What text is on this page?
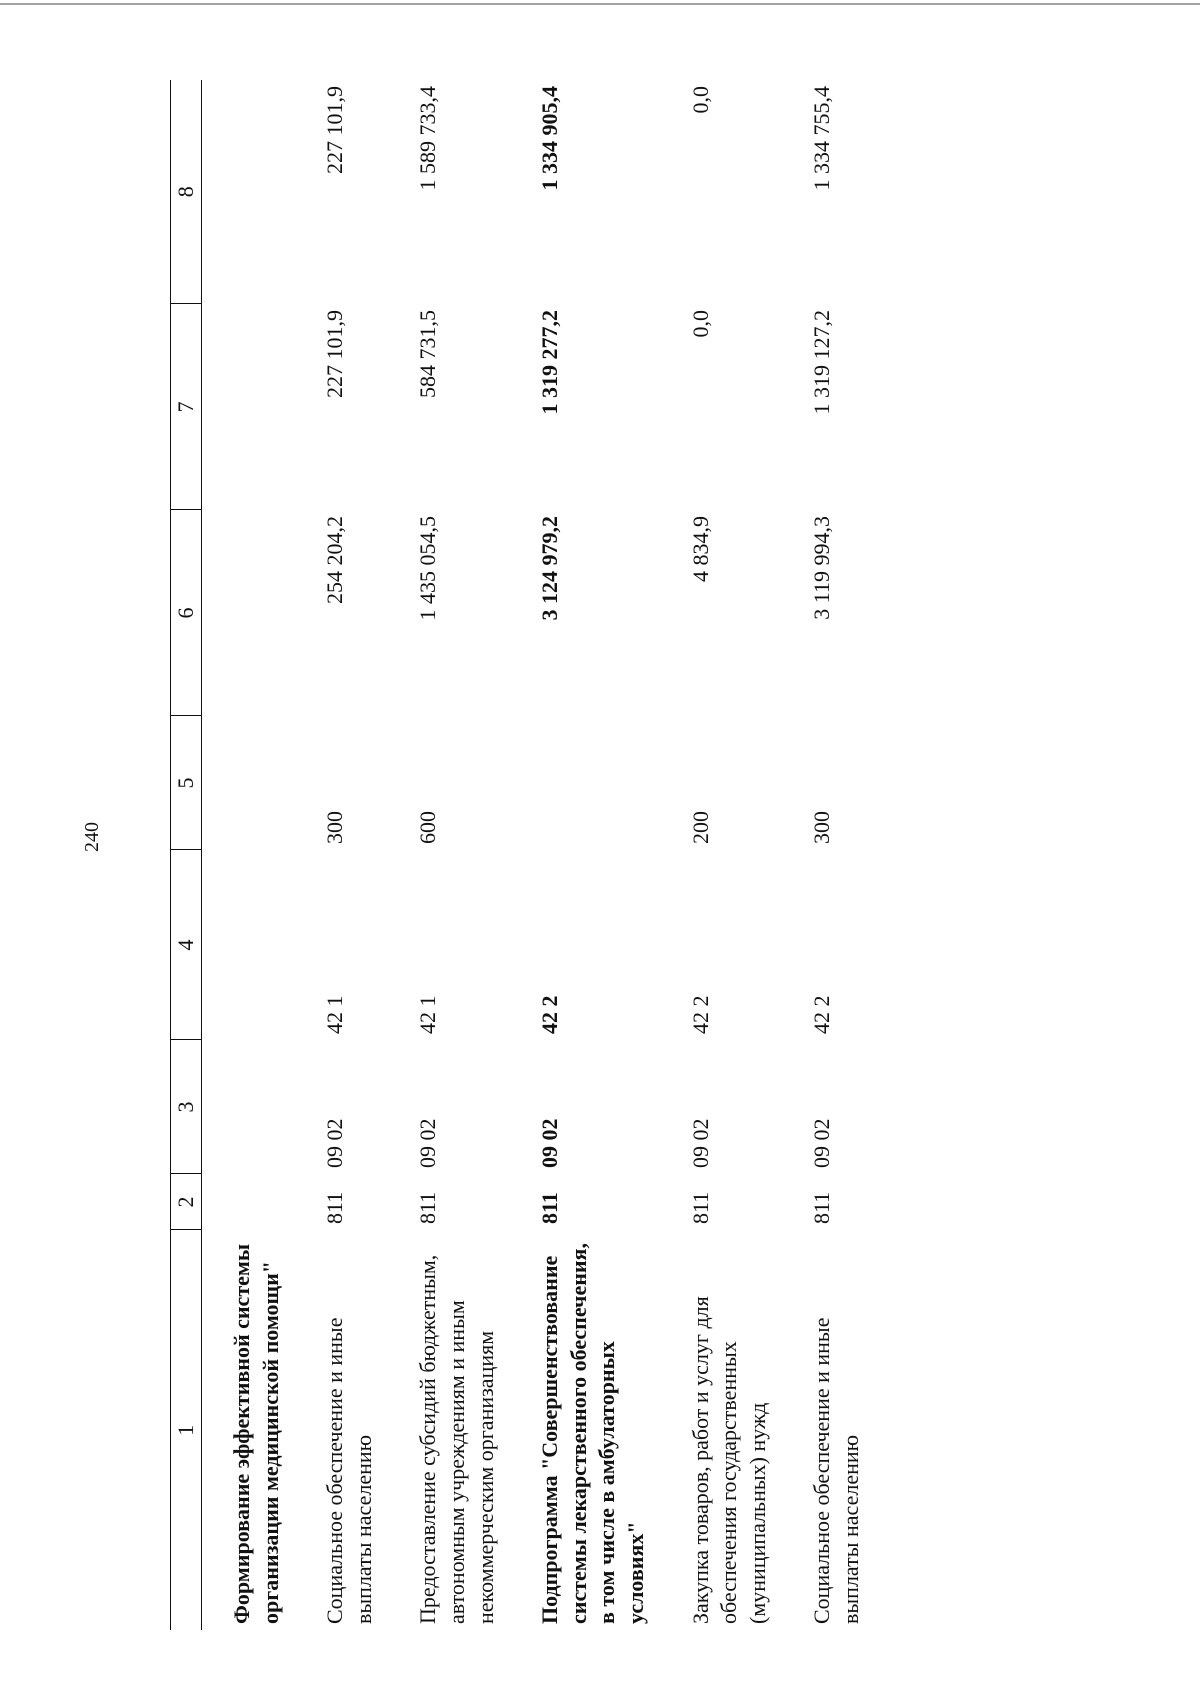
240
1	2	3	4	5	6	7	8
Формирование эффективной системы организации медицинской помощи"							
Социальное обеспечение и иные выплаты населению	811	09 02	42 1	300	254 204,2	227 101,9	227 101,9
Предоставление субсидий бюджетным, автономным учреждениям и иным некоммерческим организациям	811	09 02	42 1	600	1 435 054,5	584 731,5	1 589 733,4
Подпрограмма "Совершенствование системы лекарственного обеспечения, в том числе в амбулаторных условиях"	811	09 02	42 2		3 124 979,2	1 319 277,2	1 334 905,4
Закупка товаров, работ и услуг для обеспечения государственных (муниципальных) нужд	811	09 02	42 2	200	4 834,9	0,0	0,0
Социальное обеспечение и иные выплаты населению	811	09 02	42 2	300	3 119 994,3	1 319 127,2	1 334 755,4
